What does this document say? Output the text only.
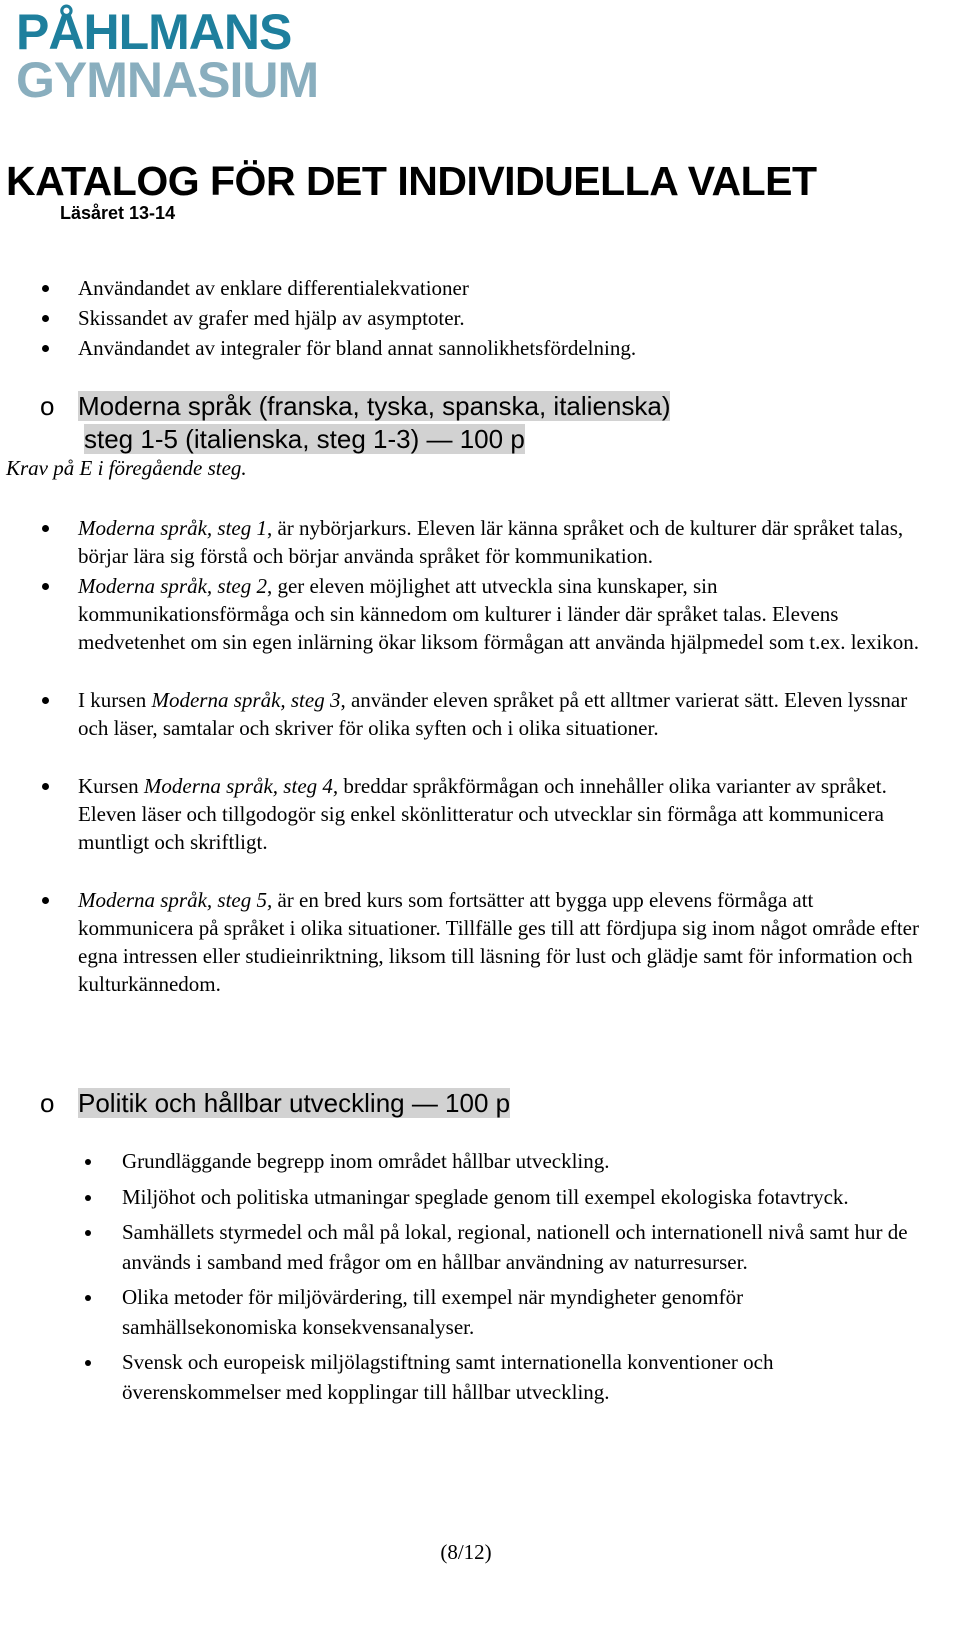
PÅHLMANS
GYMNASIUM
KATALOG FÖR DET INDIVIDUELLA VALET
Läsåret 13-14
Användandet av enklare differentialekvationer
Skissandet av grafer med hjälp av asymptoter.
Användandet av integraler för bland annat sannolikhetsfördelning.
o Moderna språk (franska, tyska, spanska, italienska)
steg 1-5 (italienska, steg 1-3) — 100 p
Krav på E i föregående steg.
Moderna språk, steg 1, är nybörjarkurs. Eleven lär känna språket och de kulturer där språket talas, börjar lära sig förstå och börjar använda språket för kommunikation.
Moderna språk, steg 2, ger eleven möjlighet att utveckla sina kunskaper, sin kommunikationsförmåga och sin kännedom om kulturer i länder där språket talas. Elevens medvetenhet om sin egen inlärning ökar liksom förmågan att använda hjälpmedel som t.ex. lexikon.
I kursen Moderna språk, steg 3, använder eleven språket på ett alltmer varierat sätt. Eleven lyssnar och läser, samtalar och skriver för olika syften och i olika situationer.
Kursen Moderna språk, steg 4, breddar språkförmågan och innehåller olika varianter av språket. Eleven läser och tillgodogör sig enkel skönlitteratur och utvecklar sin förmåga att kommunicera muntligt och skriftligt.
Moderna språk, steg 5, är en bred kurs som fortsätter att bygga upp elevens förmåga att kommunicera på språket i olika situationer. Tillfälle ges till att fördjupa sig inom något område efter egna intressen eller studieinriktning, liksom till läsning för lust och glädje samt för information och kulturkännedom.
o Politik och hållbar utveckling — 100 p
Grundläggande begrepp inom området hållbar utveckling.
Miljöhot och politiska utmaningar speglade genom till exempel ekologiska fotavtryck.
Samhällets styrmedel och mål på lokal, regional, nationell och internationell nivå samt hur de används i samband med frågor om en hållbar användning av naturresurser.
Olika metoder för miljövärdering, till exempel när myndigheter genomför samhällsekonomiska konsekvensanalyser.
Svensk och europeisk miljölagstiftning samt internationella konventioner och överenskommelser med kopplingar till hållbar utveckling.
(8/12)
